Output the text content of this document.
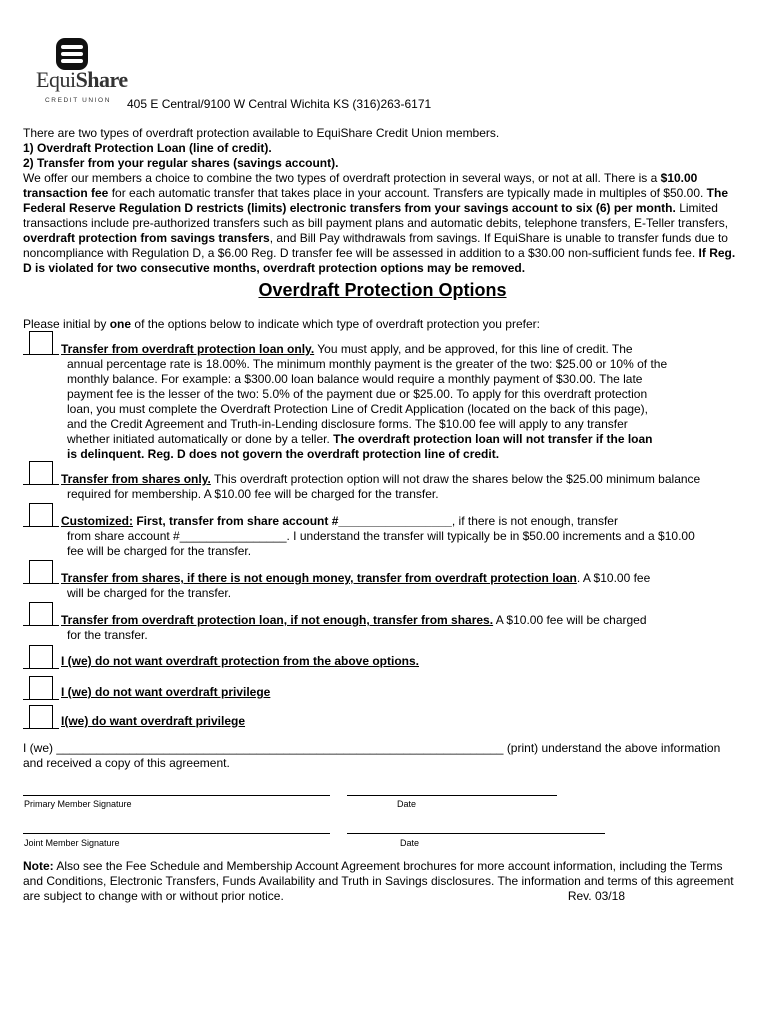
EquiShare
CREDIT UNION	405 E Central/9100 W Central Wichita KS (316)263-6171

There are two types of overdraft protection available to EquiShare Credit Union members.

1) Overdraft Protection Loan (line of credit).

2) Transfer from your regular shares (savings account).

We offer our members a choice to combine the two types of overdraft protection in several ways, or not at all. There is a $10.00 transaction fee for each automatic transfer that takes place in your account. Transfers are typically made in multiples of $50.00. The Federal Reserve Regulation D restricts (limits) electronic transfers from your savings account to six (6) per month. Limited transactions include pre-authorized transfers such as bill payment plans and automatic debits, telephone transfers, E-Teller transfers, overdraft protection from savings transfers, and Bill Pay withdrawals from savings. If EquiShare is unable to transfer funds due to noncompliance with Regulation D, a $6.00 Reg. D transfer fee will be assessed in addition to a $30.00 non-sufficient funds fee. If Reg. D is violated for two consecutive months, overdraft protection options may be removed.

Overdraft Protection Options
Please initial by one of the options below to indicate which type of overdraft protection you prefer:

Transfer from overdraft protection loan only. You must apply, and be approved, for this line of credit. The

annual percentage rate is 18.00%. The minimum monthly payment is the greater of the two: $25.00 or 10% of the

monthly balance. For example: a $300.00 loan balance would require a monthly payment of $30.00. The late

payment fee is the lesser of the two: 5.0% of the payment due or $25.00. To apply for this overdraft protection

loan, you must complete the Overdraft Protection Line of Credit Application (located on the back of this page),

and the Credit Agreement and Truth-in-Lending disclosure forms. The $10.00 fee will apply to any transfer

whether initiated automatically or done by a teller. The overdraft protection loan will not transfer if the loan

is delinquent. Reg. D does not govern the overdraft protection line of credit.

Transfer from shares only. This overdraft protection option will not draw the shares below the $25.00 minimum balance

required for membership. A $10.00 fee will be charged for the transfer.

Customized: First, transfer from share account #_________________, if there is not enough, transfer

from share account #________________. I understand the transfer will typically be in $50.00 increments and a $10.00

fee will be charged for the transfer.

Transfer from shares, if there is not enough money, transfer from overdraft protection loan. A $10.00 fee

will be charged for the transfer.

Transfer from overdraft protection loan, if not enough, transfer from shares. A $10.00 fee will be charged

for the transfer.

I (we) do not want overdraft protection from the above options.

I (we) do not want overdraft privilege

I(we) do want overdraft privilege

I (we) ___________________________________________________________________ (print) understand the above information
and received a copy of this agreement.
Primary Member Signature	Date
Joint Member Signature	Date
Note: Also see the Fee Schedule and Membership Account Agreement brochures for more account information, including the Terms and Conditions, Electronic Transfers, Funds Availability and Truth in Savings disclosures. The information and terms of this agreement are subject to change with or without prior notice.	Rev. 03/18
